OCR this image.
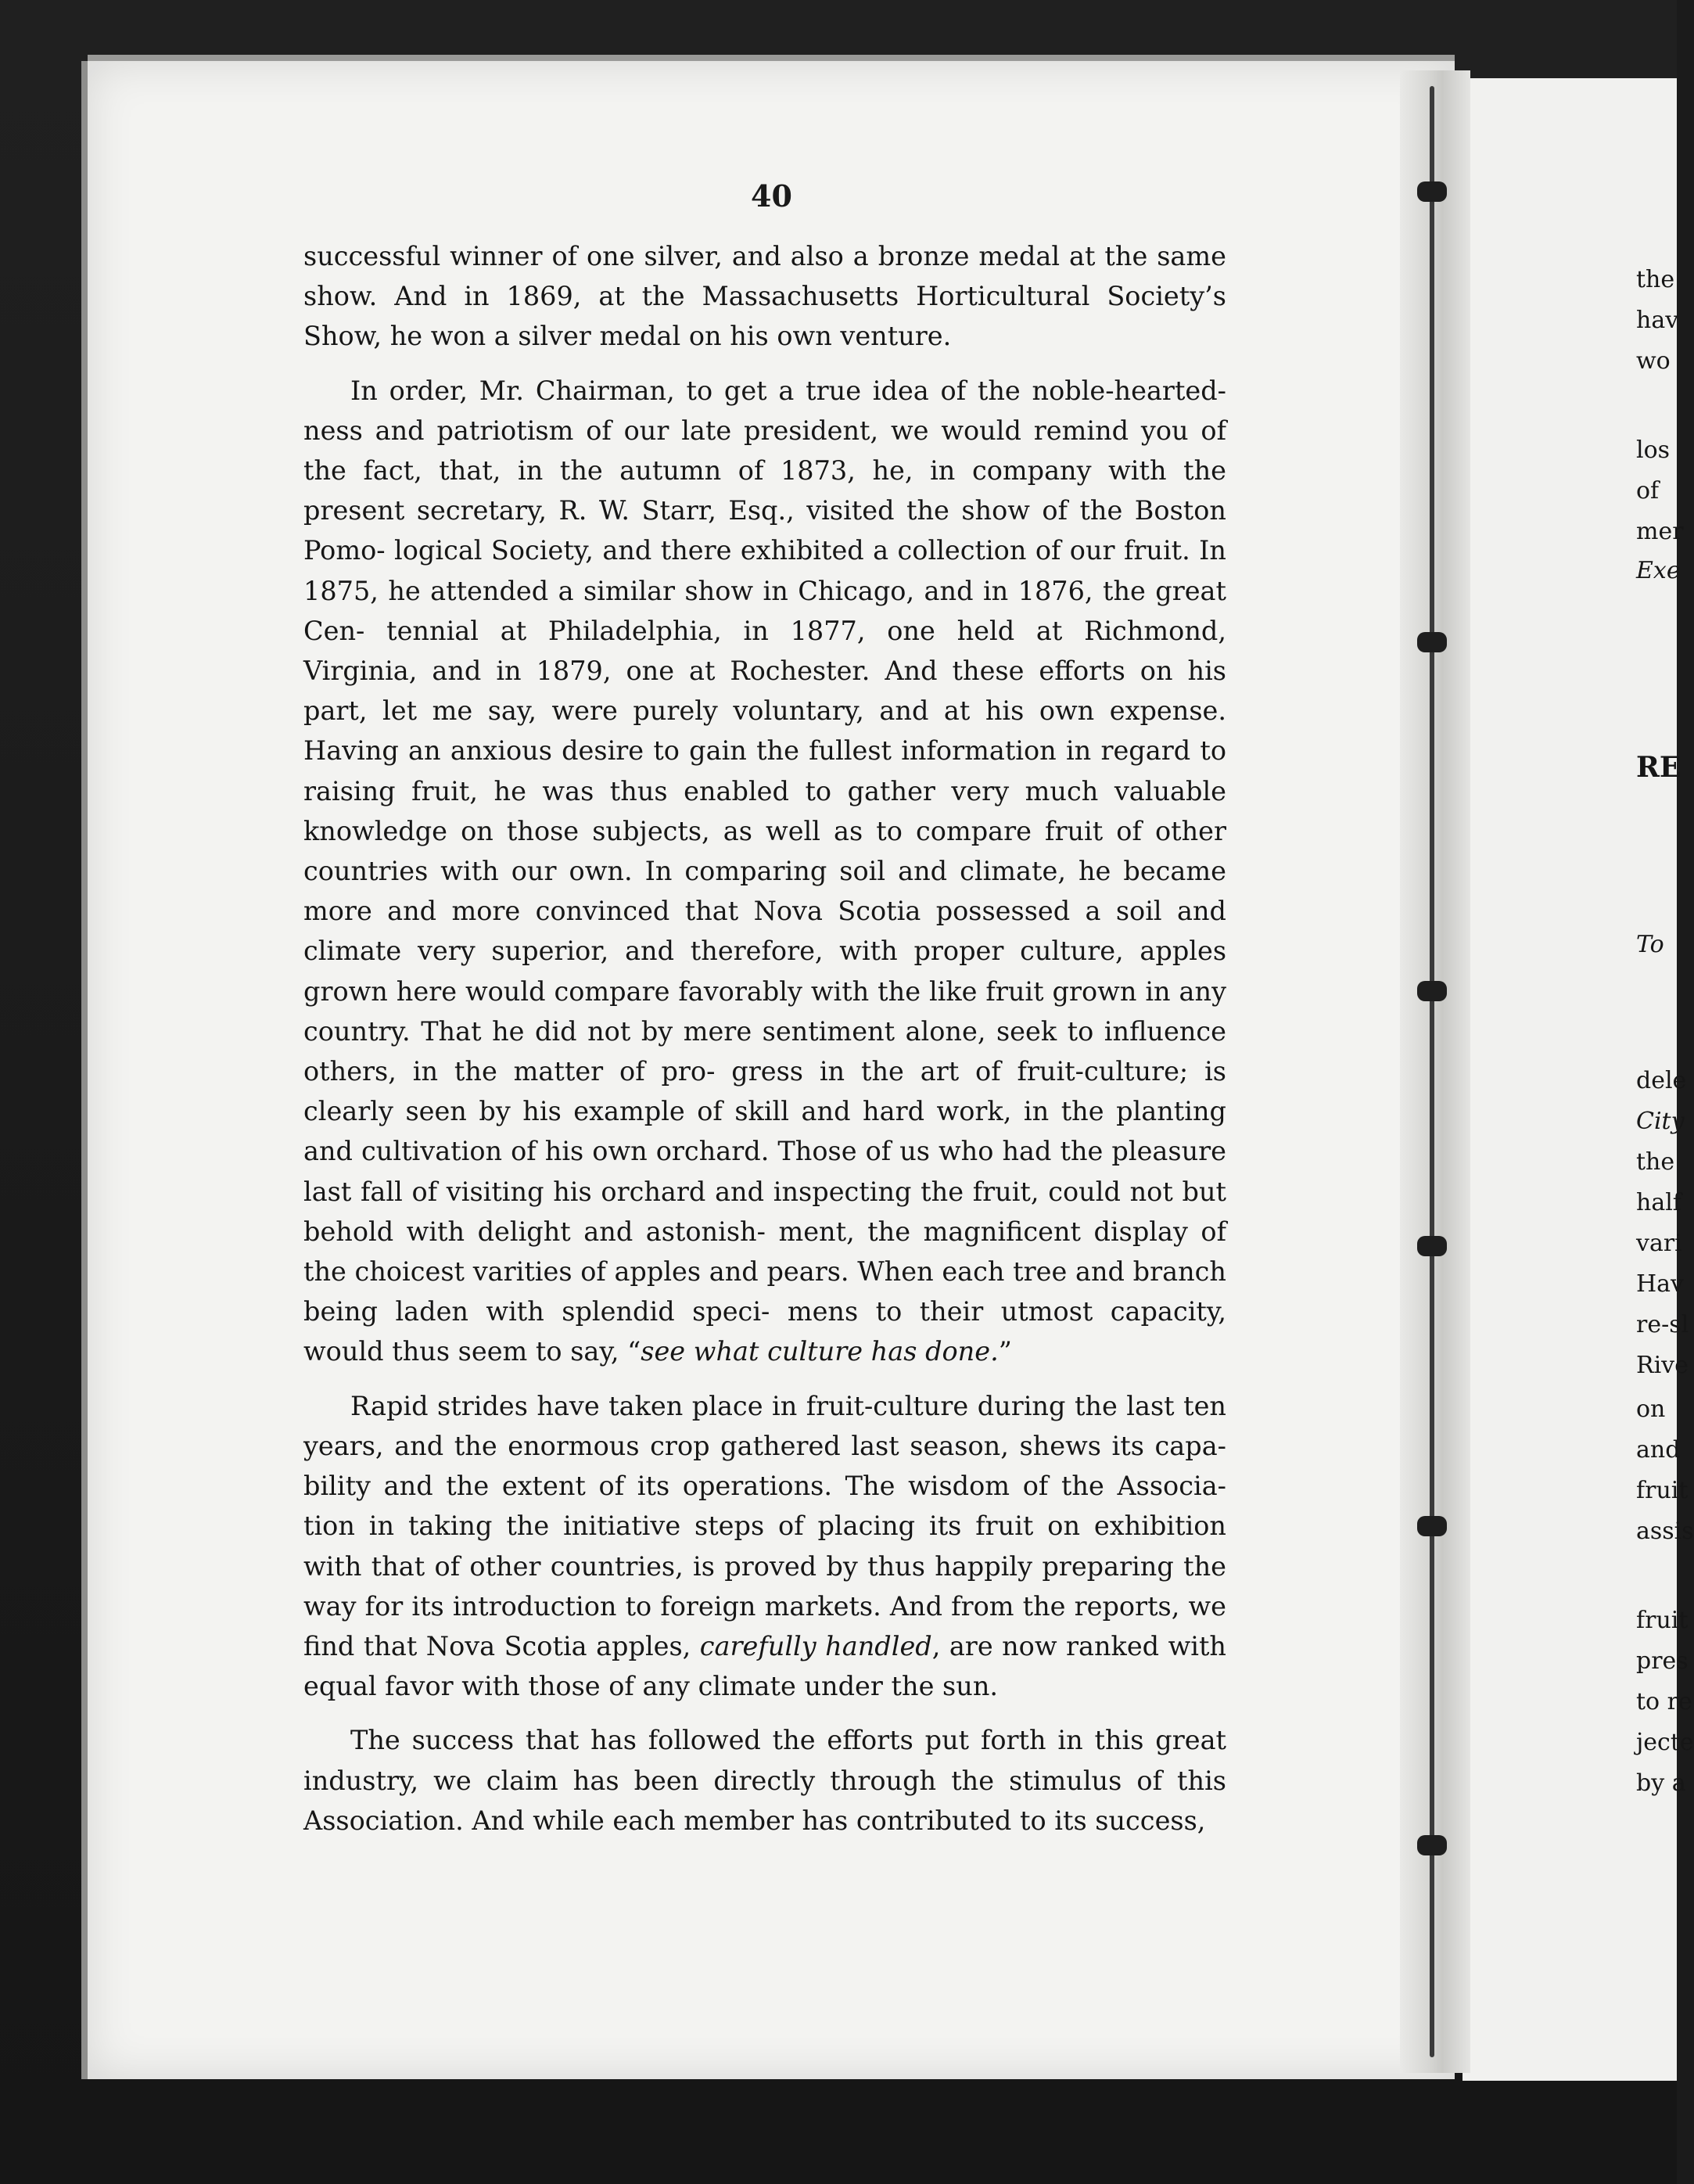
40

successful winner of one silver, and also a bronze medal at the same show. And in 1869, at the Massachusetts Horticultural Society’s Show, he won a silver medal on his own venture.

In order, Mr. Chairman, to get a true idea of the noble-hearted- ness and patriotism of our late president, we would remind you of the fact, that, in the autumn of 1873, he, in company with the present secretary, R. W. Starr, Esq., visited the show of the Boston Pomo- logical Society, and there exhibited a collection of our fruit. In 1875, he attended a similar show in Chicago, and in 1876, the great Cen- tennial at Philadelphia, in 1877, one held at Richmond, Virginia, and in 1879, one at Rochester. And these efforts on his part, let me say, were purely voluntary, and at his own expense. Having an anxious desire to gain the fullest information in regard to raising fruit, he was thus enabled to gather very much valuable knowledge on those subjects, as well as to compare fruit of other countries with our own. In comparing soil and climate, he became more and more convinced that Nova Scotia possessed a soil and climate very superior, and therefore, with proper culture, apples grown here would compare favorably with the like fruit grown in any country. That he did not by mere sentiment alone, seek to influence others, in the matter of pro- gress in the art of fruit-culture; is clearly seen by his example of skill and hard work, in the planting and cultivation of his own orchard. Those of us who had the pleasure last fall of visiting his orchard and inspecting the fruit, could not but behold with delight and astonish- ment, the magnificent display of the choicest varities of apples and pears. When each tree and branch being laden with splendid speci- mens to their utmost capacity, would thus seem to say, “see what culture has done.”

Rapid strides have taken place in fruit-culture during the last ten years, and the enormous crop gathered last season, shews its capa- bility and the extent of its operations. The wisdom of the Associa- tion in taking the initiative steps of placing its fruit on exhibition with that of other countries, is proved by thus happily preparing the way for its introduction to foreign markets. And from the reports, we find that Nova Scotia apples, carefully handled, are now ranked with equal favor with those of any climate under the sun.

The success that has followed the efforts put forth in this great industry, we claim has been directly through the stimulus of this Association. And while each member has contributed to its success,

the
hav
wo
los
of
mer
Exe
RE
To
dele
City
the
half
vari
Hav
re-sl
Rive
on
and
fruit
assis
fruit
pres
to re
jecte
by a
